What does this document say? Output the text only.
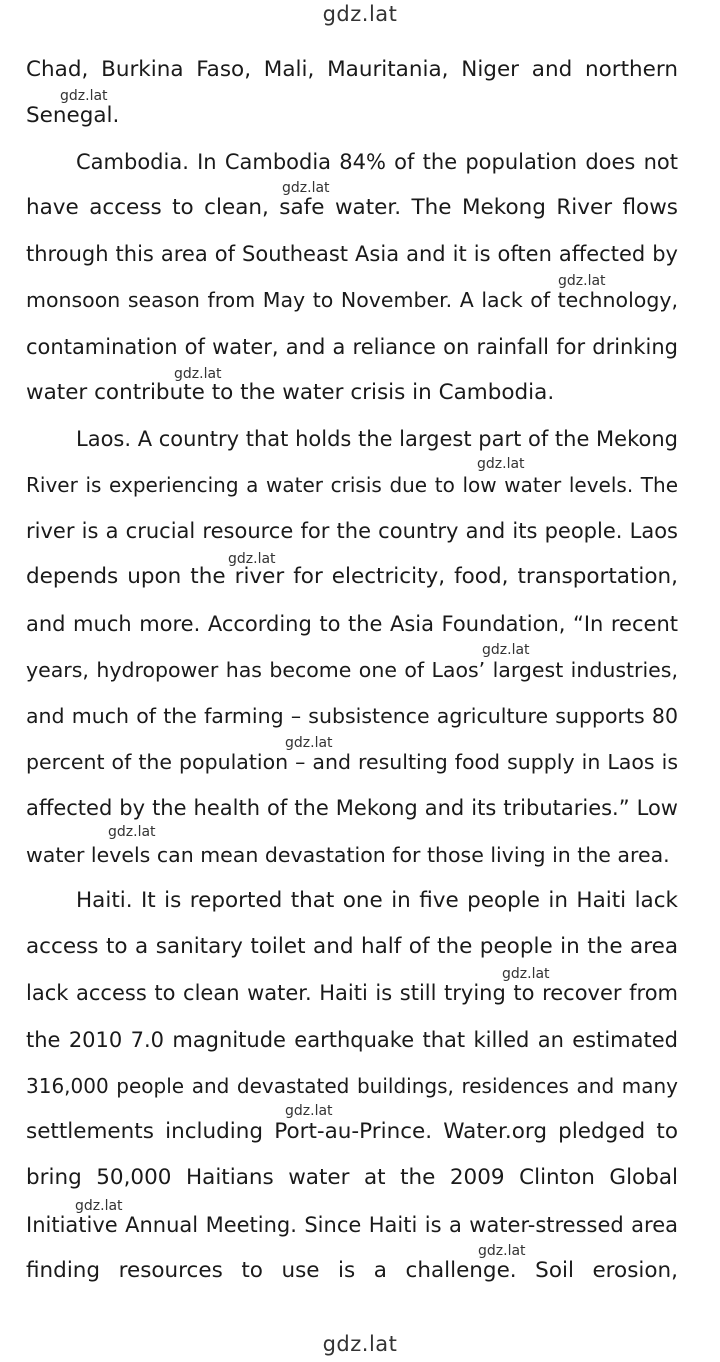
gdz.lat
Chad, Burkina Faso, Mali, Mauritania, Niger and northern
Senegal.
Cambodia. In Cambodia 84% of the population does not
have access to clean, safe water. The Mekong River flows
through this area of Southeast Asia and it is often affected by
monsoon season from May to November. A lack of technology,
contamination of water, and a reliance on rainfall for drinking
water contribute to the water crisis in Cambodia.
Laos. A country that holds the largest part of the Mekong
River is experiencing a water crisis due to low water levels. The
river is a crucial resource for the country and its people. Laos
depends upon the river for electricity, food, transportation,
and much more. According to the Asia Foundation, “In recent
years, hydropower has become one of Laos’ largest industries,
and much of the farming – subsistence agriculture supports 80
percent of the population – and resulting food supply in Laos is
affected by the health of the Mekong and its tributaries.” Low
water levels can mean devastation for those living in the area.
Haiti. It is reported that one in five people in Haiti lack
access to a sanitary toilet and half of the people in the area
lack access to clean water. Haiti is still trying to recover from
the 2010 7.0 magnitude earthquake that killed an estimated
316,000 people and devastated buildings, residences and many
settlements including Port-au-Prince. Water.org pledged to
bring 50,000 Haitians water at the 2009 Clinton Global
Initiative Annual Meeting. Since Haiti is a water-stressed area
finding resources to use is a challenge. Soil erosion,
gdz.lat
gdz.lat
gdz.lat
gdz.lat
gdz.lat
gdz.lat
gdz.lat
gdz.lat
gdz.lat
gdz.lat
gdz.lat
gdz.lat
gdz.lat
gdz.lat
